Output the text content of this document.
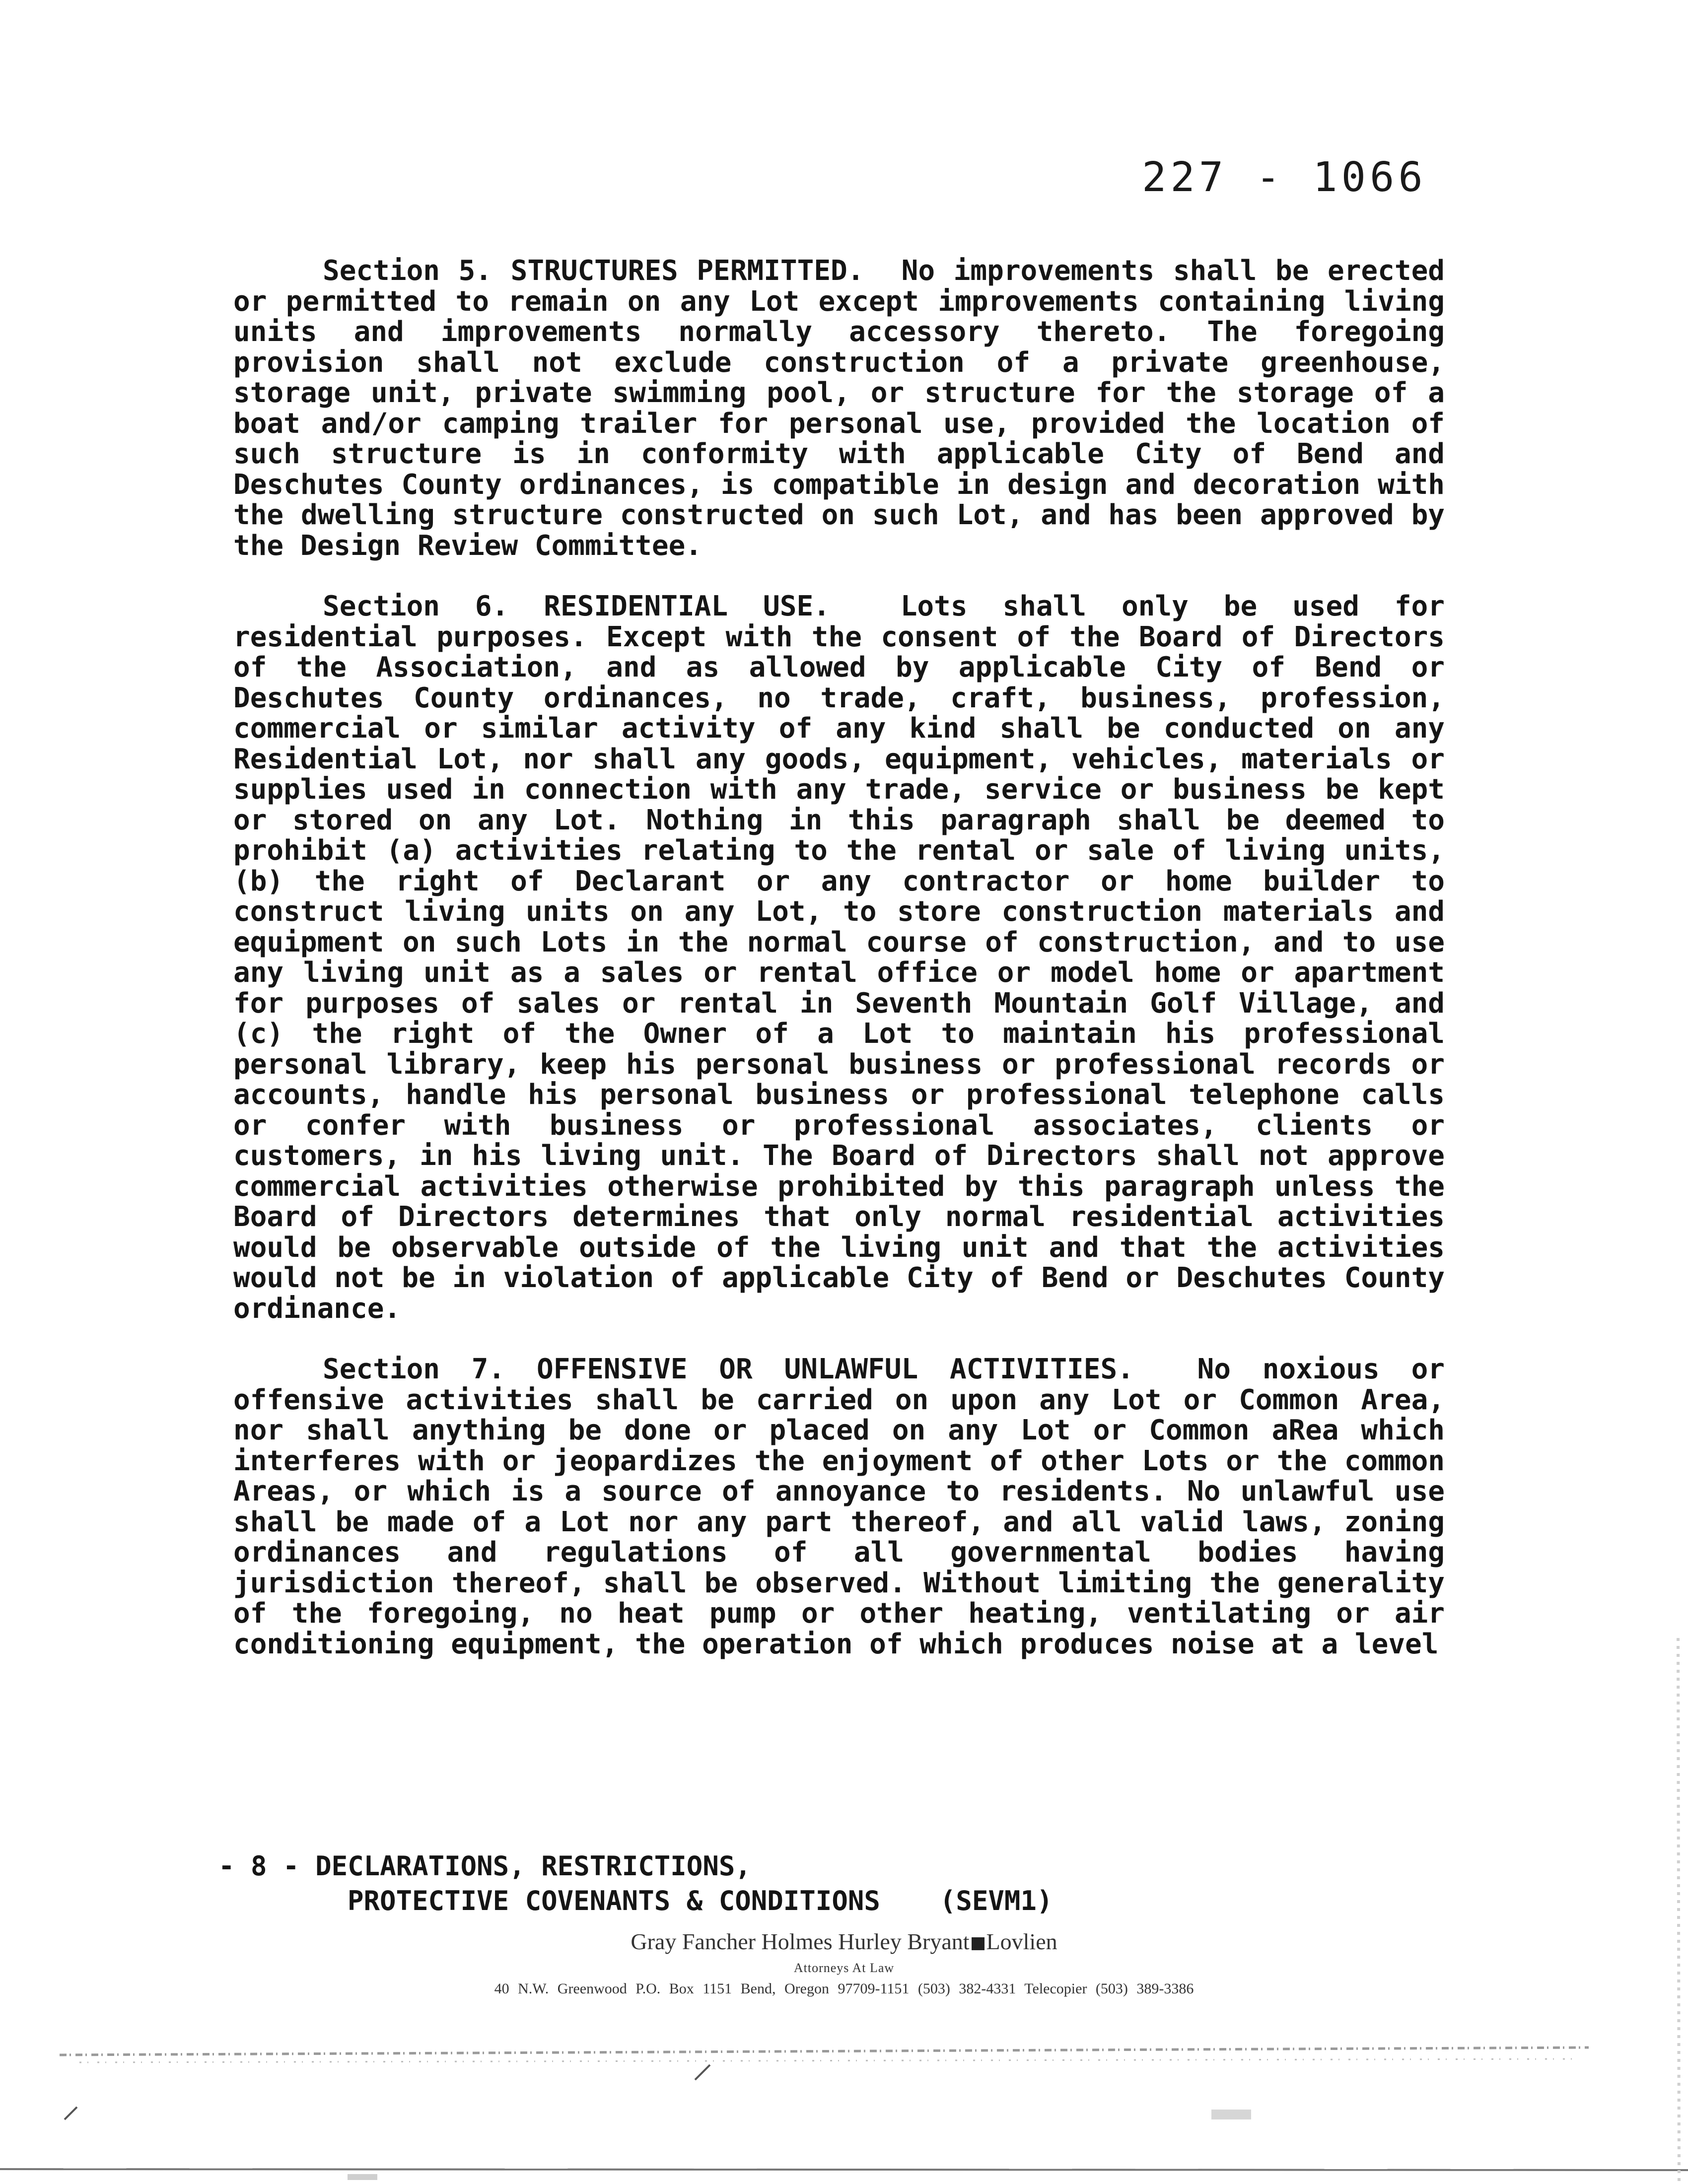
227 - 1066

Section 5. STRUCTURES PERMITTED. No improvements shall be erected or permitted to remain on any Lot except improvements containing living units and improvements normally accessory thereto. The foregoing provision shall not exclude construction of a private greenhouse, storage unit, private swimming pool, or structure for the storage of a boat and/or camping trailer for personal use, provided the location of such structure is in conformity with applicable City of Bend and Deschutes County ordinances, is compatible in design and decoration with the dwelling structure constructed on such Lot, and has been approved by the Design Review Committee.

Section 6. RESIDENTIAL USE.	Lots shall only be used for residential purposes. Except with the consent of the Board of Directors of the Association, and as allowed by applicable City of Bend or Deschutes County ordinances, no trade, craft, business, profession, commercial or similar activity of any kind shall be conducted on any Residential Lot, nor shall any goods, equipment, vehicles, materials or supplies used in connection with any trade, service or business be kept or stored on any Lot. Nothing in this paragraph shall be deemed to prohibit (a) activities relating to the rental or sale of living units, (b) the right of Declarant or any contractor or home builder to construct living units on any Lot, to store construction materials and equipment on such Lots in the normal course of construction, and to use any living unit as a sales or rental office or model home or apartment for purposes of sales or rental in Seventh Mountain Golf Village, and (c) the right of the Owner of a Lot to maintain his professional personal library, keep his personal business or professional records or accounts, handle his personal business or professional telephone calls or confer with business or professional associates, clients or customers, in his living unit. The Board of Directors shall not approve commercial activities otherwise prohibited by this paragraph unless the Board of Directors determines that only normal residential activities would be observable outside of the living unit and that the activities would not be in violation of applicable City of Bend or Deschutes County ordinance.

Section 7. OFFENSIVE OR UNLAWFUL ACTIVITIES. No noxious or offensive activities shall be carried on upon any Lot or Common Area, nor shall anything be done or placed on any Lot or Common aRea which interferes with or jeopardizes the enjoyment of other Lots or the common Areas, or which is a source of annoyance to residents. No unlawful use shall be made of a Lot nor any part thereof, and all valid laws, zoning ordinances and regulations of all governmental bodies having jurisdiction thereof, shall be observed. Without limiting the generality of the foregoing, no heat pump or other heating, ventilating or air conditioning equipment, the operation of which produces noise at a level

- 8 - DECLARATIONS, RESTRICTIONS,
PROTECTIVE COVENANTS & CONDITIONS (SEVM1)
Gray Fancher Holmes Hurley Bryant Lovlien
Attorneys At Law
40 N.W. Greenwood P.O. Box 1151 Bend, Oregon 97709-1151 (503) 382-4331 Telecopier (503) 389-3386
